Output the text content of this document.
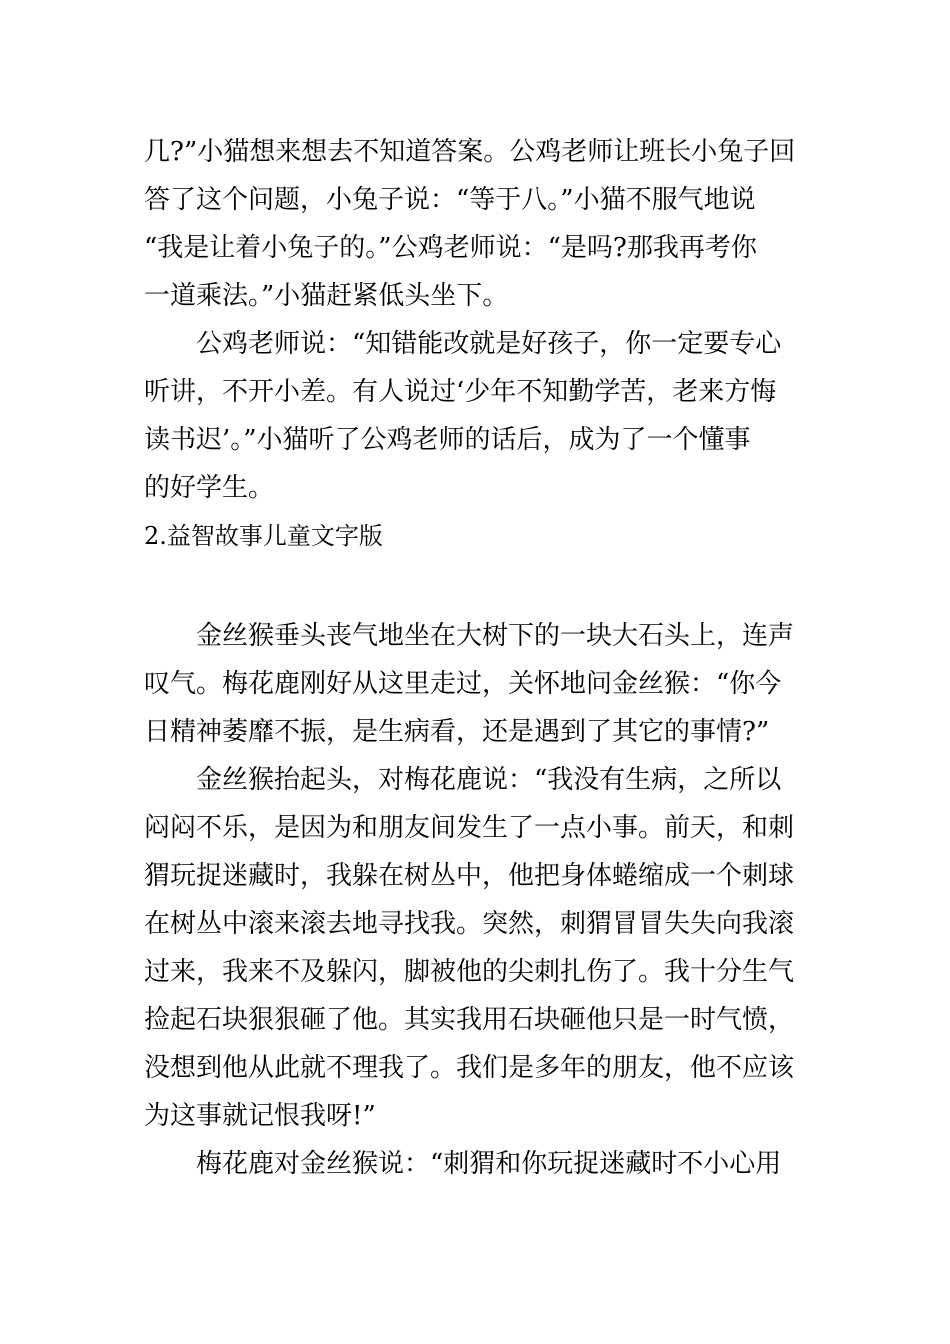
几?”小猫想来想去不知道答案。公鸡老师让班长小兔子回
答了这个问题，小兔子说：“等于八。”小猫不服气地说
“我是让着小兔子的。”公鸡老师说：“是吗?那我再考你
一道乘法。”小猫赶紧低头坐下。

公鸡老师说：“知错能改就是好孩子，你一定要专心
听讲，不开小差。有人说过‘少年不知勤学苦，老来方悔
读书迟’。”小猫听了公鸡老师的话后，成为了一个懂事
的好学生。

2.益智故事儿童文字版

金丝猴垂头丧气地坐在大树下的一块大石头上，连声
叹气。梅花鹿刚好从这里走过，关怀地问金丝猴：“你今
日精神萎靡不振，是生病看，还是遇到了其它的事情?”

金丝猴抬起头，对梅花鹿说：“我没有生病，之所以
闷闷不乐，是因为和朋友间发生了一点小事。前天，和刺
猬玩捉迷藏时，我躲在树丛中，他把身体蜷缩成一个刺球
在树丛中滚来滚去地寻找我。突然，刺猬冒冒失失向我滚
过来，我来不及躲闪，脚被他的尖刺扎伤了。我十分生气
捡起石块狠狠砸了他。其实我用石块砸他只是一时气愤，
没想到他从此就不理我了。我们是多年的朋友，他不应该
为这事就记恨我呀!”

梅花鹿对金丝猴说：“刺猬和你玩捉迷藏时不小心用
